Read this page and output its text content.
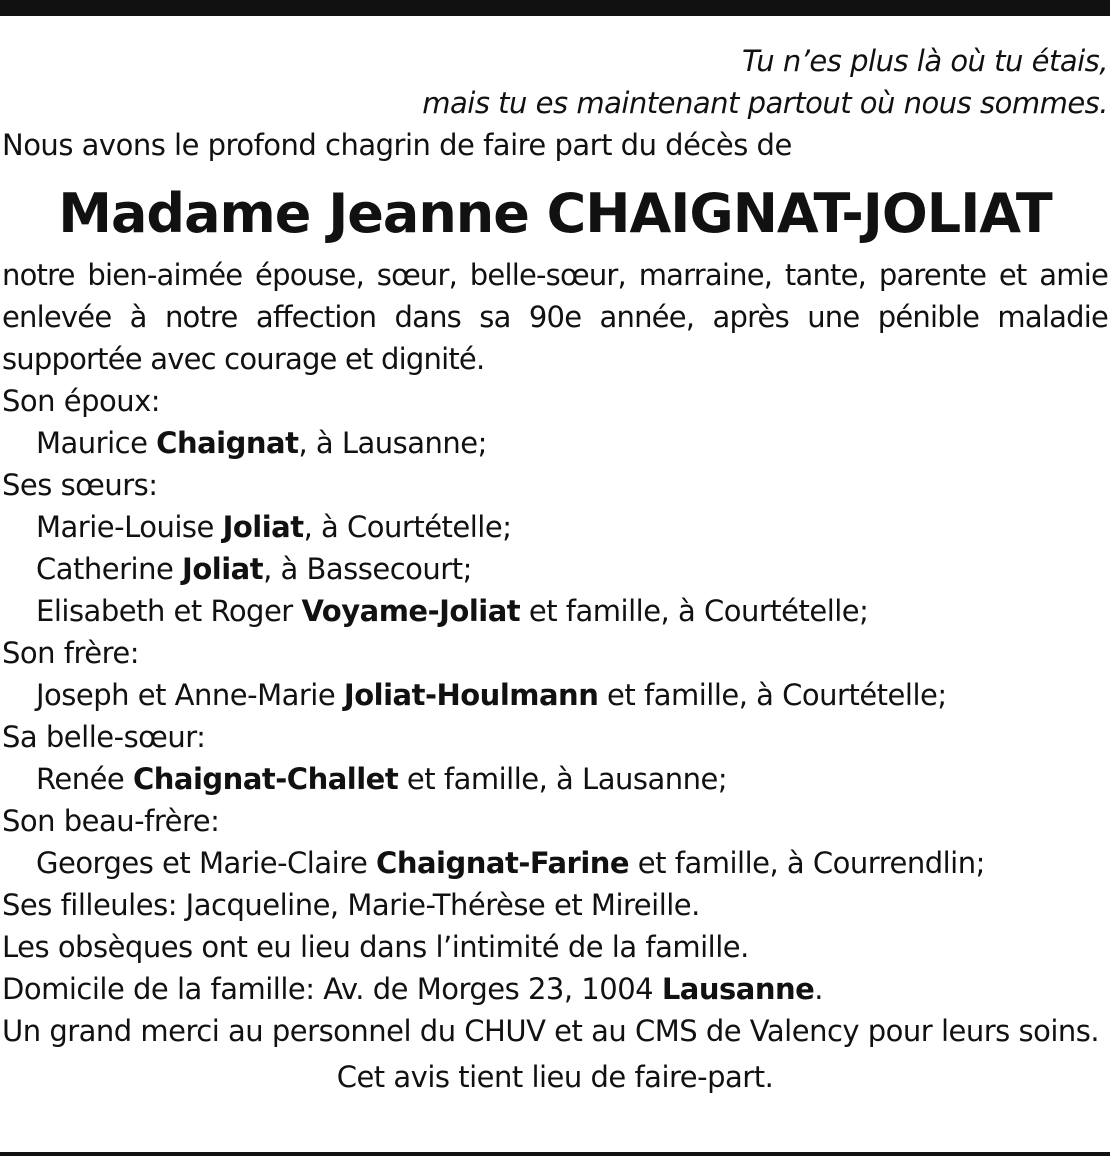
Tu n’es plus là où tu étais,
mais tu es maintenant partout où nous sommes.
Nous avons le profond chagrin de faire part du décès de
Madame Jeanne CHAIGNAT-JOLIAT
notre bien-aimée épouse, sœur, belle-sœur, marraine, tante, parente et amie
enlevée à notre affection dans sa 90e année, après une pénible maladie
supportée avec courage et dignité.
Son époux:
Maurice Chaignat, à Lausanne;
Ses sœurs:
Marie-Louise Joliat, à Courtételle;
Catherine Joliat, à Bassecourt;
Elisabeth et Roger Voyame-Joliat et famille, à Courtételle;
Son frère:
Joseph et Anne-Marie Joliat-Houlmann et famille, à Courtételle;
Sa belle-sœur:
Renée Chaignat-Challet et famille, à Lausanne;
Son beau-frère:
Georges et Marie-Claire Chaignat-Farine et famille, à Courrendlin;
Ses filleules: Jacqueline, Marie-Thérèse et Mireille.
Les obsèques ont eu lieu dans l’intimité de la famille.
Domicile de la famille: Av. de Morges 23, 1004 Lausanne.
Un grand merci au personnel du CHUV et au CMS de Valency pour leurs soins.
Cet avis tient lieu de faire-part.
